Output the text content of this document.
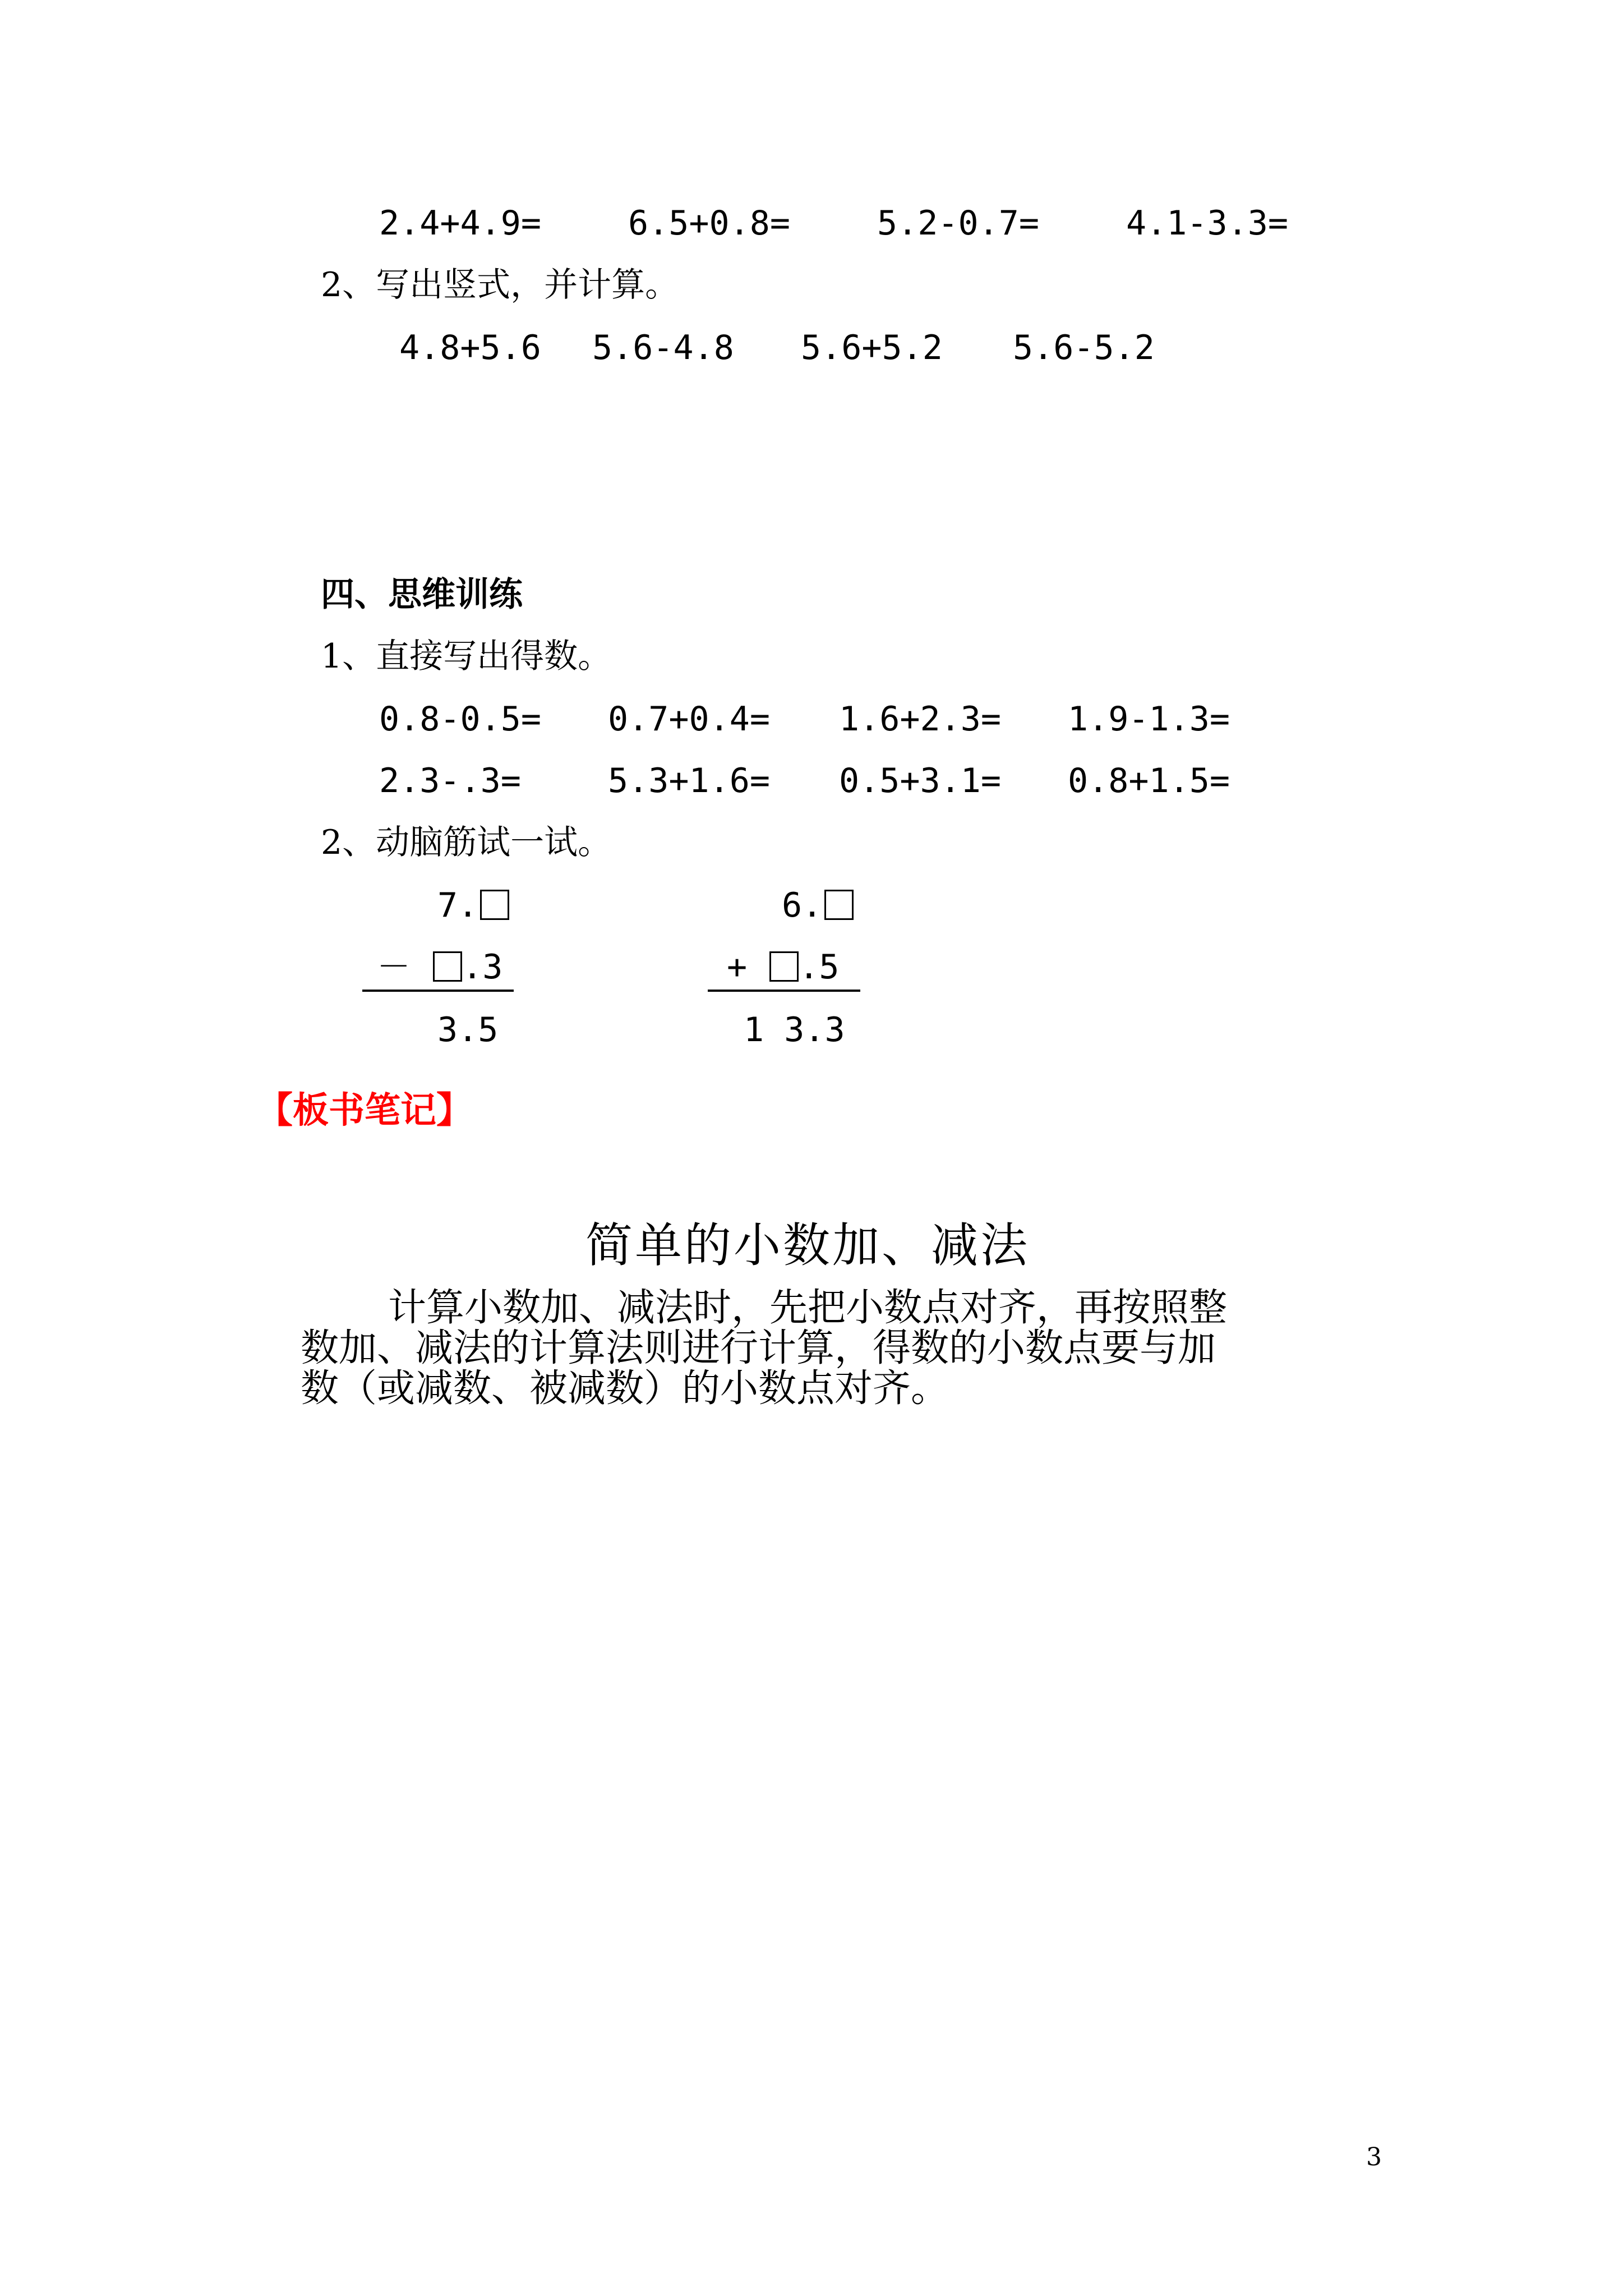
2.4+4.9=	6.5+0.8=	5.2-0.7=	4.1-3.3=
2、写出竖式，并计算。
4.8+5.6 5.6-4.8 5.6+5.2 5.6-5.2
四、思维训练
1、直接写出得数。
0.8-0.5= 0.7+0.4= 1.6+2.3= 1.9-1.3=
2.3-.3=	5.3+1.6= 0.5+3.1= 0.8+1.5=
2、动脑筋试一试。
7.
－ .3
3.5
6.
+ .5
1 3.3
【板书笔记】
简单的小数加、减法
计算小数加、减法时，先把小数点对齐，再按照整
数加、减法的计算法则进行计算，得数的小数点要与加
数（或减数、被减数）的小数点对齐。
3
